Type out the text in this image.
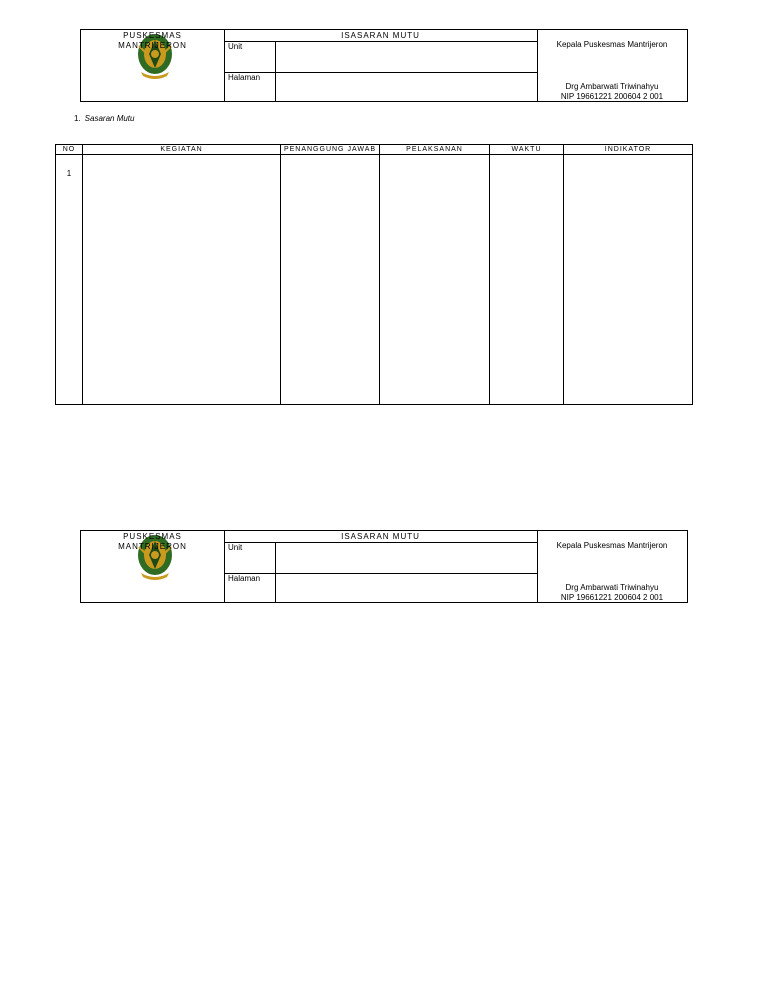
PUSKESMAS
MANTRIJERON
ISASARAN MUTU
Unit
Halaman
Kepala Puskesmas Mantrijeron
Drg Ambarwati Triwinahyu
NIP 19661221 200604 2 001
1. Sasaran Mutu
NO	KEGIATAN	PENANGGUNG JAWAB	PELAKSANAN	WAKTU	INDIKATOR
1					
PUSKESMAS
MANTRIJERON
ISASARAN MUTU
Unit
Halaman
Kepala Puskesmas Mantrijeron
Drg Ambarwati Triwinahyu
NIP 19661221 200604 2 001
